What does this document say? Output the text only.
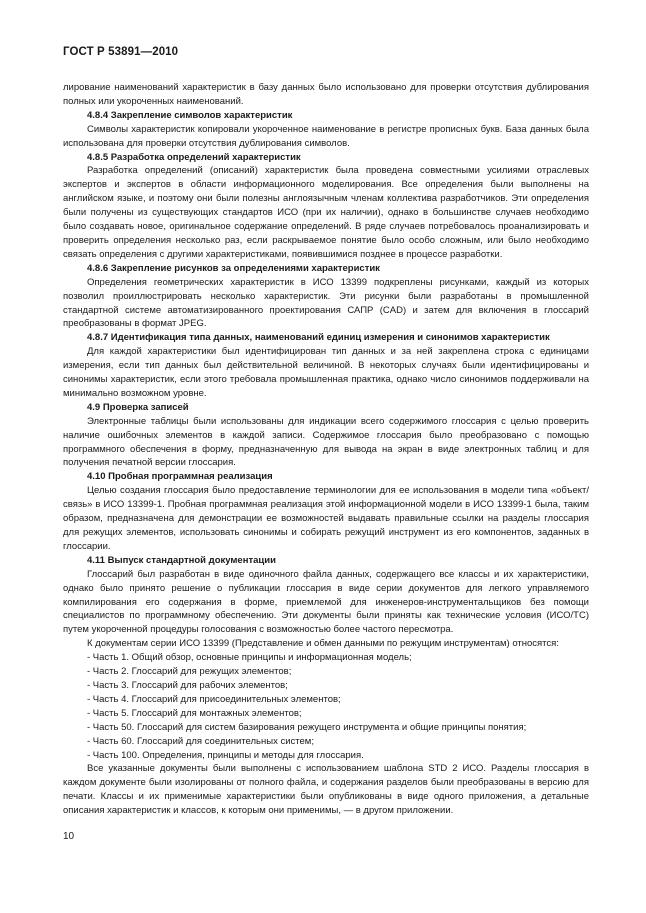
ГОСТ Р 53891—2010

лирование наименований характеристик в базу данных было использовано для проверки отсутствия дублирования полных или укороченных наименований.

4.8.4 Закрепление символов характеристик

Символы характеристик копировали укороченное наименование в регистре прописных букв. База данных была использована для проверки отсутствия дублирования символов.

4.8.5 Разработка определений характеристик

Разработка определений (описаний) характеристик была проведена совместными усилиями отраслевых экспертов и экспертов в области информационного моделирования. Все определения были выполнены на английском языке, и поэтому они были полезны англоязычным членам коллектива разработчиков. Эти определения были получены из существующих стандартов ИСО (при их наличии), однако в большинстве случаев необходимо было создавать новое, оригинальное содержание определений. В ряде случаев потребовалось проанализировать и проверить определения несколько раз, если раскрываемое понятие было особо сложным, или было необходимо связать определения с другими характеристиками, появившимися позднее в процессе разработки.

4.8.6 Закрепление рисунков за определениями характеристик

Определения геометрических характеристик в ИСО 13399 подкреплены рисунками, каждый из которых позволил проиллюстрировать несколько характеристик. Эти рисунки были разработаны в промышленной стандартной системе автоматизированного проектирования САПР (CAD) и затем для включения в глоссарий преобразованы в формат JPEG.

4.8.7 Идентификация типа данных, наименований единиц измерения и синонимов характеристик

Для каждой характеристики был идентифицирован тип данных и за ней закреплена строка с единицами измерения, если тип данных был действительной величиной. В некоторых случаях были идентифицированы и синонимы характеристик, если этого требовала промышленная практика, однако число синонимов поддерживали на минимально возможном уровне.

4.9 Проверка записей

Электронные таблицы были использованы для индикации всего содержимого глоссария с целью проверить наличие ошибочных элементов в каждой записи. Содержимое глоссария было преобразовано с помощью программного обеспечения в форму, предназначенную для вывода на экран в виде электронных таблиц и для получения печатной версии глоссария.

4.10 Пробная программная реализация

Целью создания глоссария было предоставление терминологии для ее использования в модели типа «объект/связь» в ИСО 13399-1. Пробная программная реализация этой информационной модели в ИСО 13399-1 была, таким образом, предназначена для демонстрации ее возможностей выдавать правильные ссылки на разделы глоссария для режущих элементов, использовать синонимы и собирать режущий инструмент из его компонентов, заданных в глоссарии.

4.11 Выпуск стандартной документации

Глоссарий был разработан в виде одиночного файла данных, содержащего все классы и их характеристики, однако было принято решение о публикации глоссария в виде серии документов для легкого управляемого компилирования его содержания в форме, приемлемой для инженеров-инструментальщиков без помощи специалистов по программному обеспечению. Эти документы были приняты как технические условия (ИСО/ТС) путем укороченной процедуры голосования с возможностью более частого пересмотра.

К документам серии ИСО 13399 (Представление и обмен данными по режущим инструментам) относятся:

- Часть 1. Общий обзор, основные принципы и информационная модель;
- Часть 2. Глоссарий для режущих элементов;
- Часть 3. Глоссарий для рабочих элементов;
- Часть 4. Глоссарий для присоединительных элементов;
- Часть 5. Глоссарий для монтажных элементов;
- Часть 50. Глоссарий для систем базирования режущего инструмента и общие принципы понятия;
- Часть 60. Глоссарий для соединительных систем;
- Часть 100. Определения, принципы и методы для глоссария.

Все указанные документы были выполнены с использованием шаблона STD 2 ИСО. Разделы глоссария в каждом документе были изолированы от полного файла, и содержания разделов были преобразованы в версию для печати. Классы и их применимые характеристики были опубликованы в виде одного приложения, а детальные описания характеристик и классов, к которым они применимы, — в другом приложении.

10
